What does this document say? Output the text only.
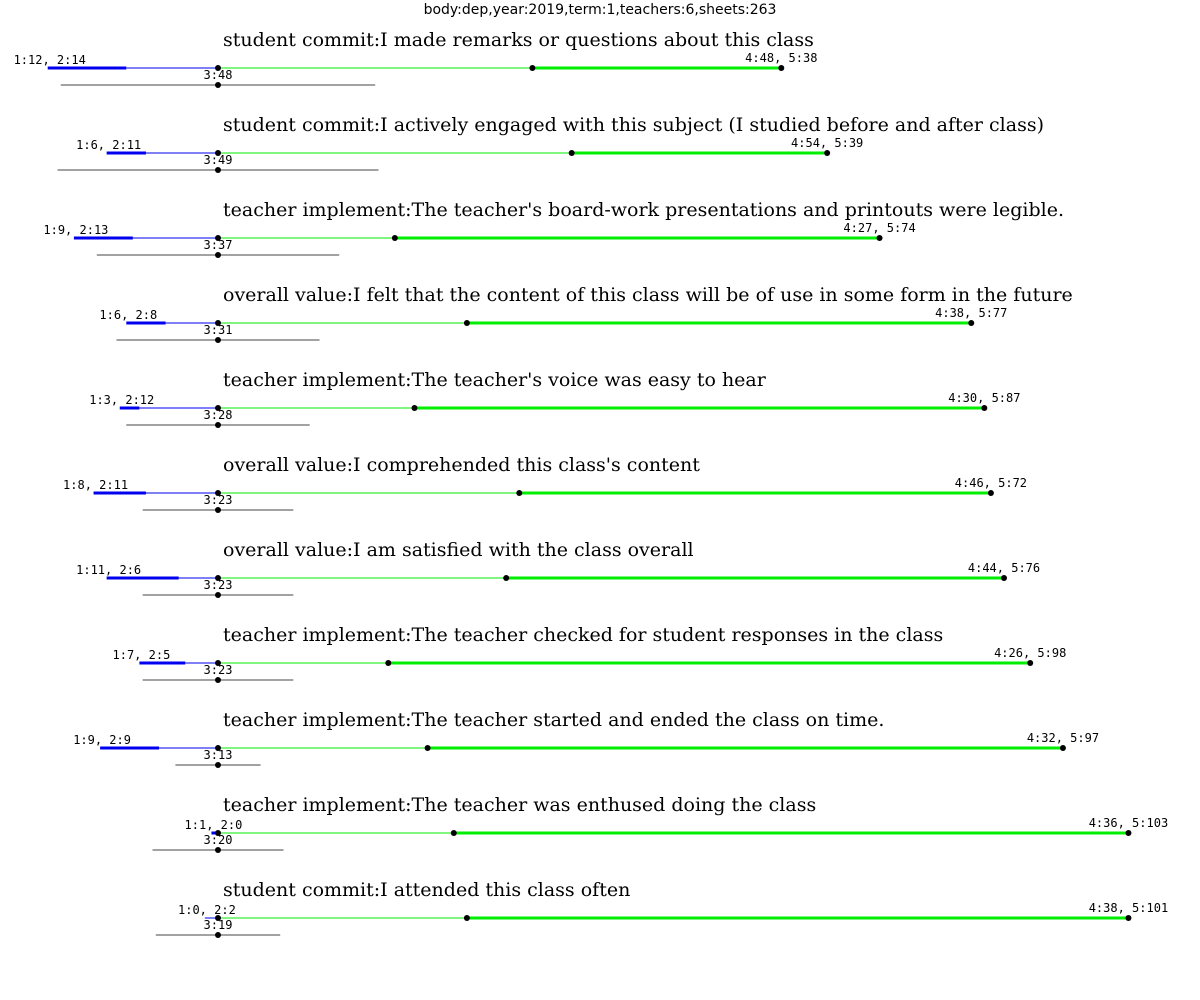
body:dep,year:2019,term:1,teachers:6,sheets:263
student commit:I made remarks or questions about this class
1:12, 2:14
3:48
4:48, 5:38
student commit:I actively engaged with this subject (I studied before and after class)
1:6, 2:11
3:49
4:54, 5:39
teacher implement:The teacher's board-work presentations and printouts were legible.
1:9, 2:13
3:37
4:27, 5:74
overall value:I felt that the content of this class will be of use in some form in the future
1:6, 2:8
3:31
4:38, 5:77
teacher implement:The teacher's voice was easy to hear
1:3, 2:12
3:28
4:30, 5:87
overall value:I comprehended this class's content
1:8, 2:11
3:23
4:46, 5:72
overall value:I am satisfied with the class overall
1:11, 2:6
3:23
4:44, 5:76
teacher implement:The teacher checked for student responses in the class
1:7, 2:5
3:23
4:26, 5:98
teacher implement:The teacher started and ended the class on time.
1:9, 2:9
3:13
4:32, 5:97
teacher implement:The teacher was enthused doing the class
1:1, 2:0
3:20
4:36, 5:103
student commit:I attended this class often
1:0, 2:2
3:19
4:38, 5:101
